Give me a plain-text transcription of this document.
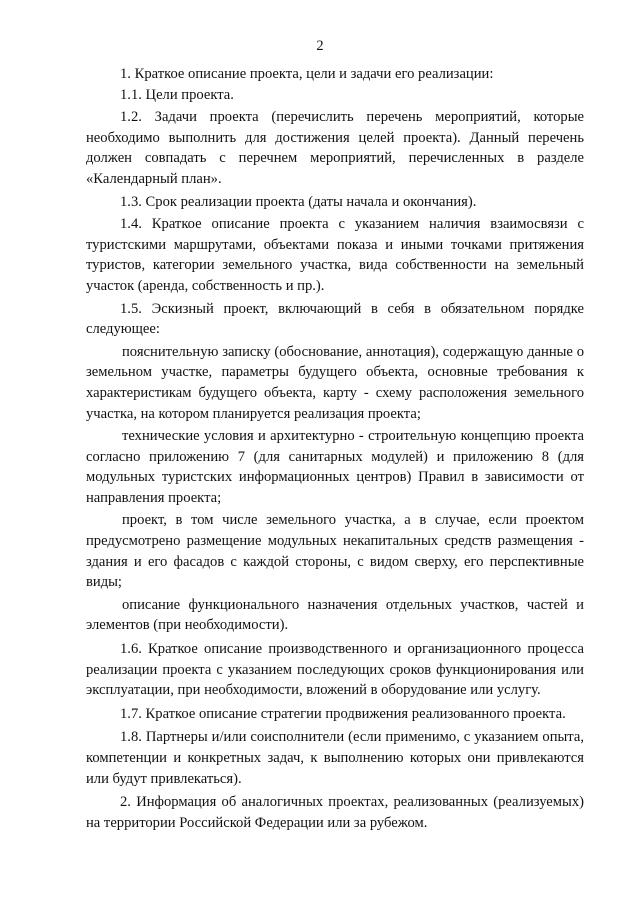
2

1. Краткое описание проекта, цели и задачи его реализации:

1.1. Цели проекта.

1.2. Задачи проекта (перечислить перечень мероприятий, которые необходимо выполнить для достижения целей проекта). Данный перечень должен совпадать с перечнем мероприятий, перечисленных в разделе «Календарный план».

1.3. Срок реализации проекта (даты начала и окончания).

1.4. Краткое описание проекта с указанием наличия взаимосвязи с туристскими маршрутами, объектами показа и иными точками притяжения туристов, категории земельного участка, вида собственности на земельный участок (аренда, собственность и пр.).

1.5. Эскизный проект, включающий в себя в обязательном порядке следующее:

пояснительную записку (обоснование, аннотация), содержащую данные о земельном участке, параметры будущего объекта, основные требования к характеристикам будущего объекта, карту - схему расположения земельного участка, на котором планируется реализация проекта;

технические условия и архитектурно - строительную концепцию проекта согласно приложению 7 (для санитарных модулей) и приложению 8 (для модульных туристских информационных центров) Правил в зависимости от направления проекта;

проект, в том числе земельного участка, а в случае, если проектом предусмотрено размещение модульных некапитальных средств размещения - здания и его фасадов с каждой стороны, с видом сверху, его перспективные виды;

описание функционального назначения отдельных участков, частей и элементов (при необходимости).

1.6. Краткое описание производственного и организационного процесса реализации проекта с указанием последующих сроков функционирования или эксплуатации, при необходимости, вложений в оборудование или услугу.

1.7. Краткое описание стратегии продвижения реализованного проекта.

1.8. Партнеры и/или соисполнители (если применимо, с указанием опыта, компетенции и конкретных задач, к выполнению которых они привлекаются или будут привлекаться).

2. Информация об аналогичных проектах, реализованных (реализуемых) на территории Российской Федерации или за рубежом.
